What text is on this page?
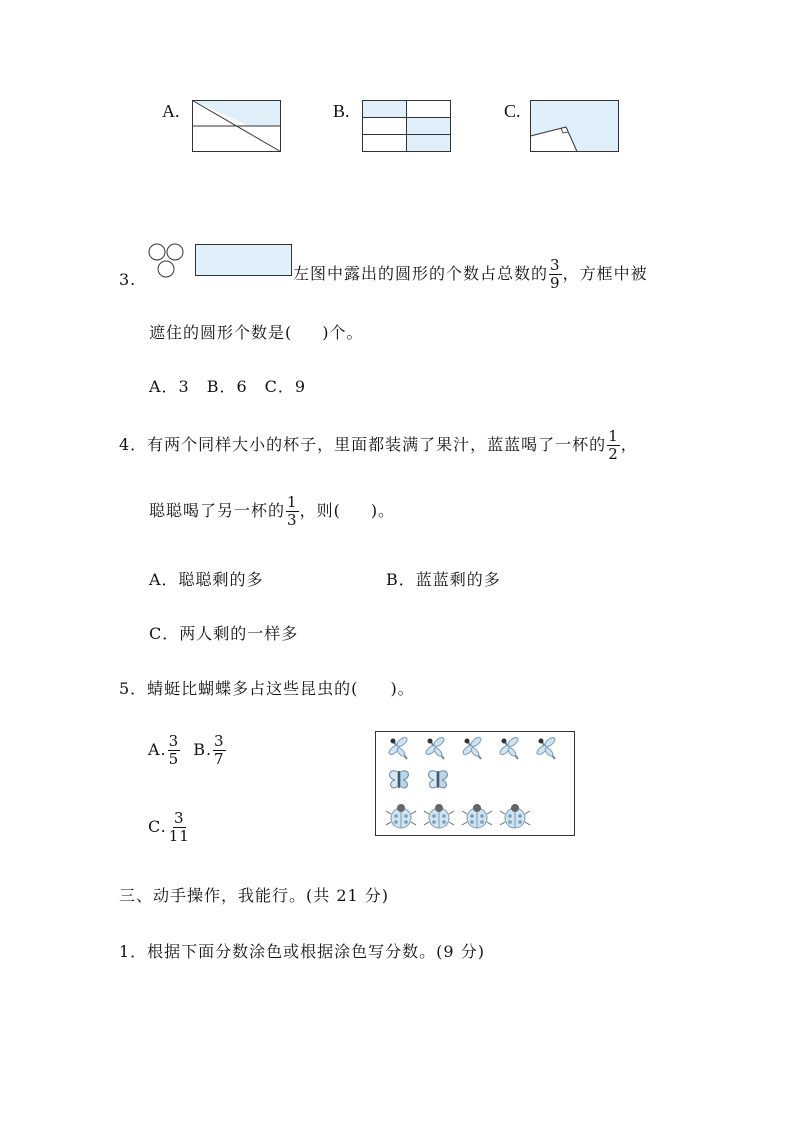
A.	B.	C.
3.	左图中露出的圆形的个数占总数的 $\frac{3}{9}$ ，方框中被
遮住的圆形个数是( )个。
A．3　B．6　C．9
4．有两个同样大小的杯子，里面都装满了果汁，蓝蓝喝了一杯的 $\frac{1}{2}$ ，
聪聪喝了另一杯的 $\frac{1}{3}$ ，则( )。
A．聪聪剩的多	B．蓝蓝剩的多
C．两人剩的一样多
5．蜻蜓比蝴蝶多占这些昆虫的( )。
A. $\frac{3}{5} B$. $\frac{3}{7}$
C. $\frac{3}{11}$
三、动手操作，我能行。(共 21 分)
1．根据下面分数涂色或根据涂色写分数。(9 分)
